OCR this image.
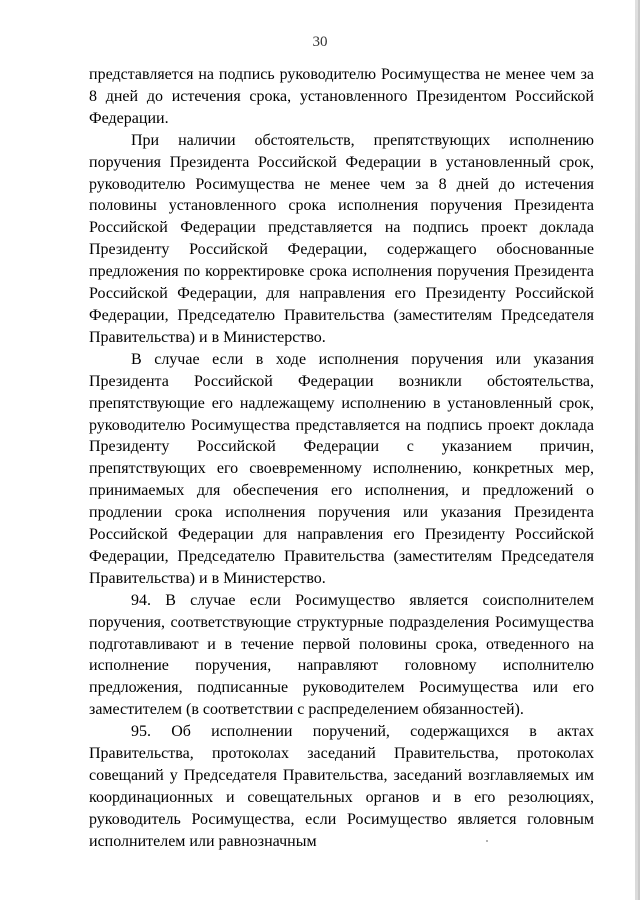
30

представляется на подпись руководителю Росимущества не менее чем за 8 дней до истечения срока, установленного Президентом Российской Федерации.

При наличии обстоятельств, препятствующих исполнению поручения Президента Российской Федерации в установленный срок, руководителю Росимущества не менее чем за 8 дней до истечения половины установленного срока исполнения поручения Президента Российской Федерации представляется на подпись проект доклада Президенту Российской Федерации, содержащего обоснованные предложения по корректировке срока исполнения поручения Президента Российской Федерации, для направления его Президенту Российской Федерации, Председателю Правительства (заместителям Председателя Правительства) и в Министерство.

В случае если в ходе исполнения поручения или указания Президента Российской Федерации возникли обстоятельства, препятствующие его надлежащему исполнению в установленный срок, руководителю Росимущества представляется на подпись проект доклада Президенту Российской Федерации с указанием причин, препятствующих его своевременному исполнению, конкретных мер, принимаемых для обеспечения его исполнения, и предложений о продлении срока исполнения поручения или указания Президента Российской Федерации для направления его Президенту Российской Федерации, Председателю Правительства (заместителям Председателя Правительства) и в Министерство.

94. В случае если Росимущество является соисполнителем поручения, соответствующие структурные подразделения Росимущества подготавливают и в течение первой половины срока, отведенного на исполнение поручения, направляют головному исполнителю предложения, подписанные руководителем Росимущества или его заместителем (в соответствии с распределением обязанностей).

95. Об исполнении поручений, содержащихся в актах Правительства, протоколах заседаний Правительства, протоколах совещаний у Председателя Правительства, заседаний возглавляемых им координационных и совещательных органов и в его резолюциях, руководитель Росимущества, если Росимущество является головным исполнителем или равнозначным
